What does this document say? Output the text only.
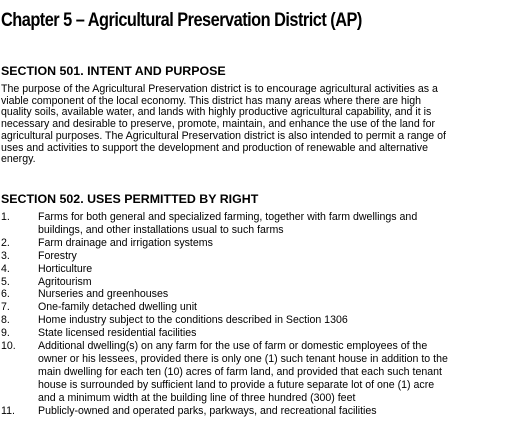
Chapter 5 – Agricultural Preservation District (AP)
SECTION 501. INTENT AND PURPOSE

The purpose of the Agricultural Preservation district is to encourage agricultural activities as a
viable component of the local economy. This district has many areas where there are high
quality soils, available water, and lands with highly productive agricultural capability, and it is
necessary and desirable to preserve, promote, maintain, and enhance the use of the land for
agricultural purposes. The Agricultural Preservation district is also intended to permit a range of
uses and activities to support the development and production of renewable and alternative
energy.

SECTION 502. USES PERMITTED BY RIGHT
1.	Farms for both general and specialized farming, together with farm dwellings and
buildings, and other installations usual to such farms
2.	Farm drainage and irrigation systems
3.	Forestry
4.	Horticulture
5.	Agritourism
6.	Nurseries and greenhouses
7.	One-family detached dwelling unit
8.	Home industry subject to the conditions described in Section 1306
9.	State licensed residential facilities
10. Additional dwelling(s) on any farm for the use of farm or domestic employees of the
owner or his lessees, provided there is only one (1) such tenant house in addition to the
main dwelling for each ten (10) acres of farm land, and provided that each such tenant
house is surrounded by sufficient land to provide a future separate lot of one (1) acre
and a minimum width at the building line of three hundred (300) feet
11. Publicly-owned and operated parks, parkways, and recreational facilities
